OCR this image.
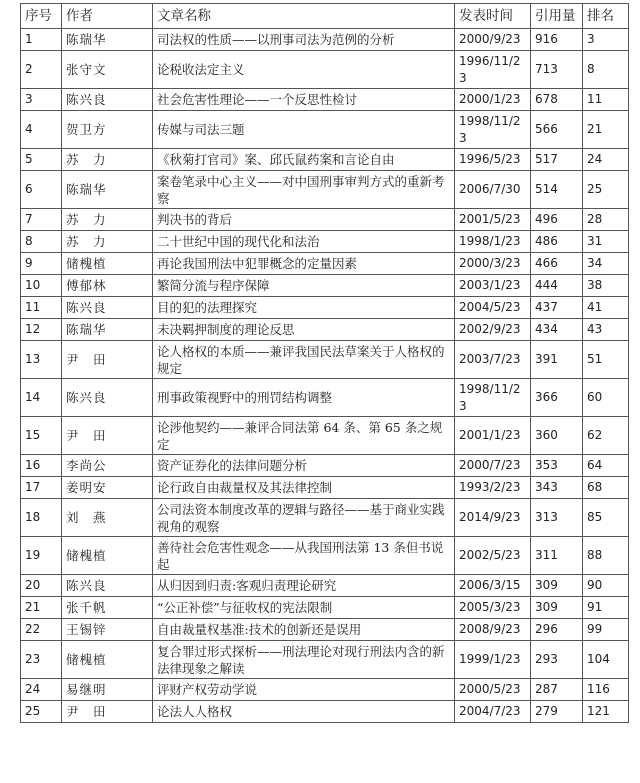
序号	作者	文章名称	发表时间	引用量	排名
1	陈瑞华	司法权的性质——以刑事司法为范例的分析	2000/9/23	916	3
2	张守文	论税收法定主义	1996/11/23	713	8
3	陈兴良	社会危害性理论——一个反思性检讨	2000/1/23	678	11
4	贺卫方	传媒与司法三题	1998/11/23	566	21
5	苏　力	《秋菊打官司》案、邱氏鼠药案和言论自由	1996/5/23	517	24
6	陈瑞华	案卷笔录中心主义——对中国刑事审判方式的重新考察	2006/7/30	514	25
7	苏　力	判决书的背后	2001/5/23	496	28
8	苏　力	二十世纪中国的现代化和法治	1998/1/23	486	31
9	储槐植	再论我国刑法中犯罪概念的定量因素	2000/3/23	466	34
10	傅郁林	繁简分流与程序保障	2003/1/23	444	38
11	陈兴良	目的犯的法理探究	2004/5/23	437	41
12	陈瑞华	未决羁押制度的理论反思	2002/9/23	434	43
13	尹　田	论人格权的本质——兼评我国民法草案关于人格权的规定	2003/7/23	391	51
14	陈兴良	刑事政策视野中的刑罚结构调整	1998/11/23	366	60
15	尹　田	论涉他契约——兼评合同法第 64 条、第 65 条之规定	2001/1/23	360	62
16	李尚公	资产证券化的法律问题分析	2000/7/23	353	64
17	姜明安	论行政自由裁量权及其法律控制	1993/2/23	343	68
18	刘　燕	公司法资本制度改革的逻辑与路径——基于商业实践视角的观察	2014/9/23	313	85
19	储槐植	善待社会危害性观念——从我国刑法第 13 条但书说起	2002/5/23	311	88
20	陈兴良	从归因到归责:客观归责理论研究	2006/3/15	309	90
21	张千帆	“公正补偿”与征收权的宪法限制	2005/3/23	309	91
22	王锡锌	自由裁量权基准:技术的创新还是误用	2008/9/23	296	99
23	储槐植	复合罪过形式探析——刑法理论对现行刑法内含的新法律现象之解读	1999/1/23	293	104
24	易继明	评财产权劳动学说	2000/5/23	287	116
25	尹　田	论法人人格权	2004/7/23	279	121
